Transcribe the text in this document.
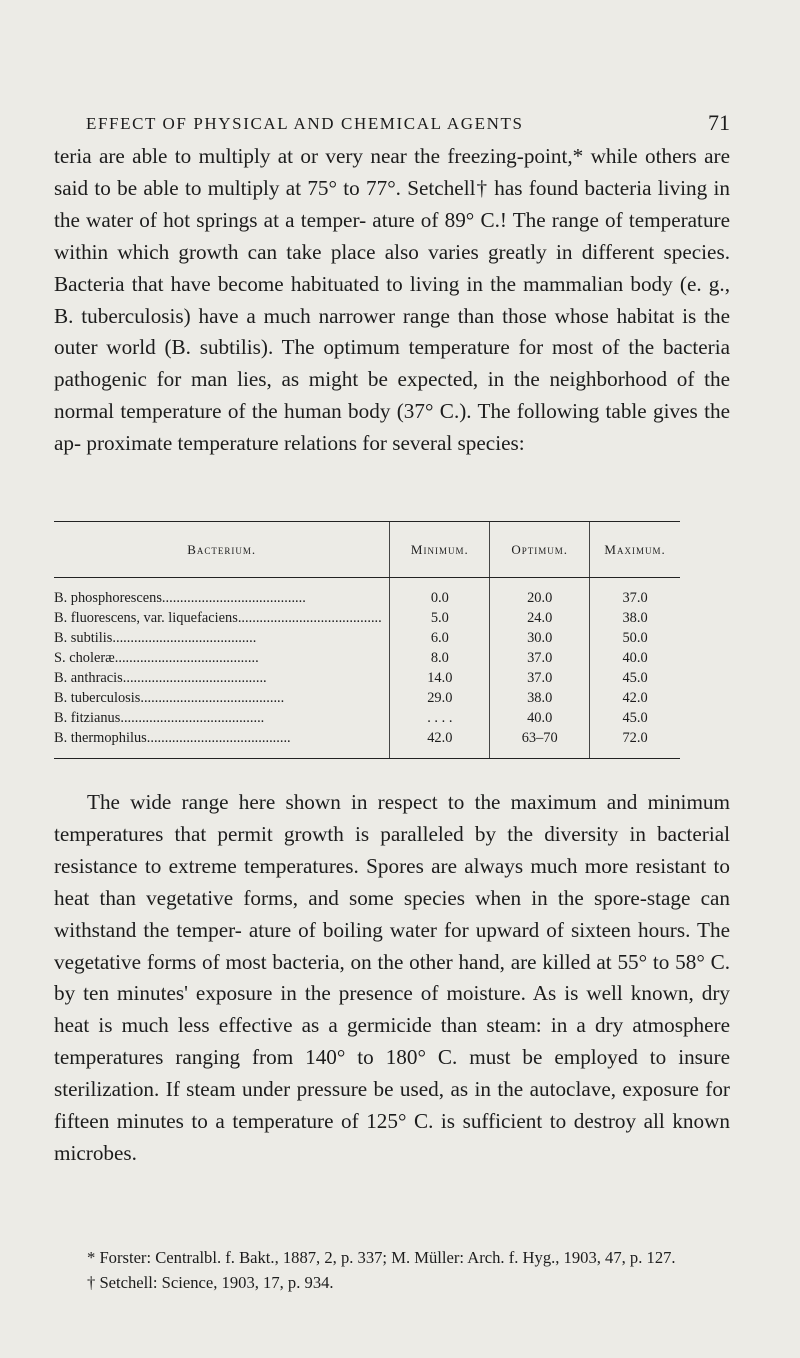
EFFECT OF PHYSICAL AND CHEMICAL AGENTS	71

teria are able to multiply at or very near the freezing-point,* while others are said to be able to multiply at 75° to 77°. Setchell† has found bacteria living in the water of hot springs at a temper- ature of 89° C.! The range of temperature within which growth can take place also varies greatly in different species. Bacteria that have become habituated to living in the mammalian body (e. g., B. tuberculosis) have a much narrower range than those whose habitat is the outer world (B. subtilis). The optimum temperature for most of the bacteria pathogenic for man lies, as might be expected, in the neighborhood of the normal temperature of the human body (37° C.). The following table gives the ap- proximate temperature relations for several species:

Bacterium.	Minimum.	Optimum.	Maximum.
B. phosphorescens........................................	0.0	20.0	37.0
B. fluorescens, var. liquefaciens........................................	5.0	24.0	38.0
B. subtilis........................................	6.0	30.0	50.0
S. choleræ........................................	8.0	37.0	40.0
B. anthracis........................................	14.0	37.0	45.0
B. tuberculosis........................................	29.0	38.0	42.0
B. fitzianus........................................	. . . .	40.0	45.0
B. thermophilus........................................	42.0	63–70	72.0

The wide range here shown in respect to the maximum and minimum temperatures that permit growth is paralleled by the diversity in bacterial resistance to extreme temperatures. Spores are always much more resistant to heat than vegetative forms, and some species when in the spore-stage can withstand the temper- ature of boiling water for upward of sixteen hours. The vegetative forms of most bacteria, on the other hand, are killed at 55° to 58° C. by ten minutes' exposure in the presence of moisture. As is well known, dry heat is much less effective as a germicide than steam: in a dry atmosphere temperatures ranging from 140° to 180° C. must be employed to insure sterilization. If steam under pressure be used, as in the autoclave, exposure for fifteen minutes to a temperature of 125° C. is sufficient to destroy all known microbes.

* Forster: Centralbl. f. Bakt., 1887, 2, p. 337; M. Müller: Arch. f. Hyg., 1903, 47, p. 127.

† Setchell: Science, 1903, 17, p. 934.
